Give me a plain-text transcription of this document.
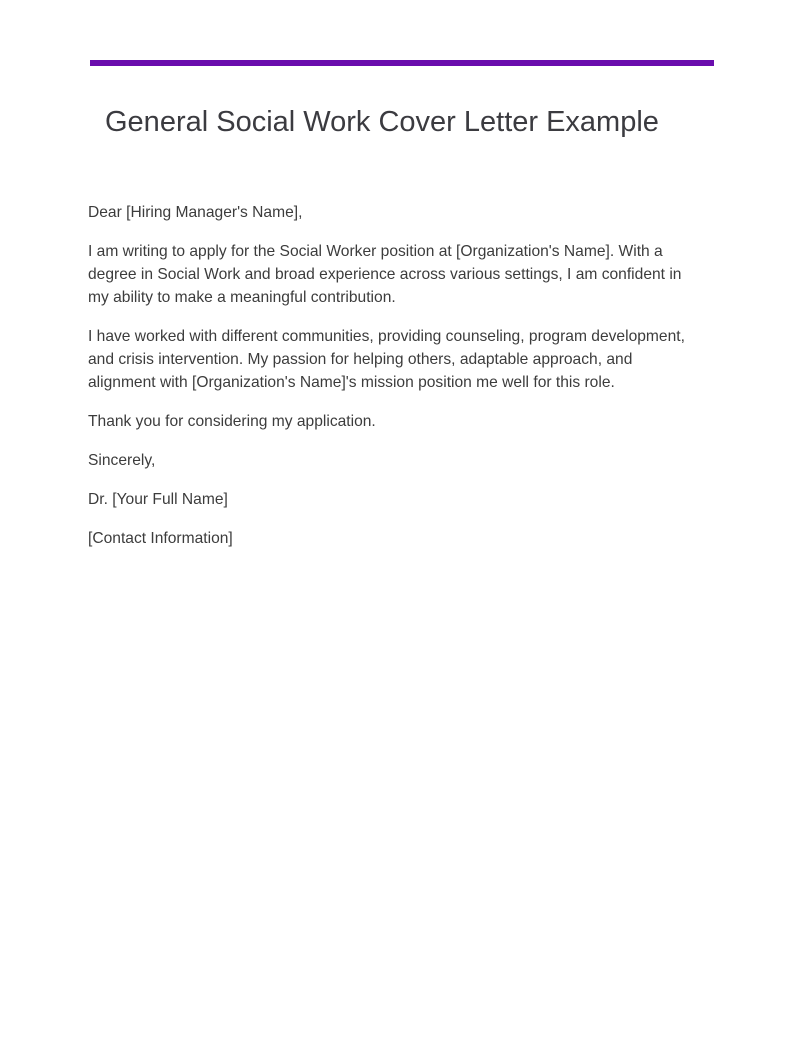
General Social Work Cover Letter Example

Dear [Hiring Manager's Name],

I am writing to apply for the Social Worker position at [Organization's Name]. With a degree in Social Work and broad experience across various settings, I am confident in my ability to make a meaningful contribution.

I have worked with different communities, providing counseling, program development, and crisis intervention. My passion for helping others, adaptable approach, and alignment with [Organization's Name]'s mission position me well for this role.

Thank you for considering my application.

Sincerely,

Dr. [Your Full Name]

[Contact Information]
